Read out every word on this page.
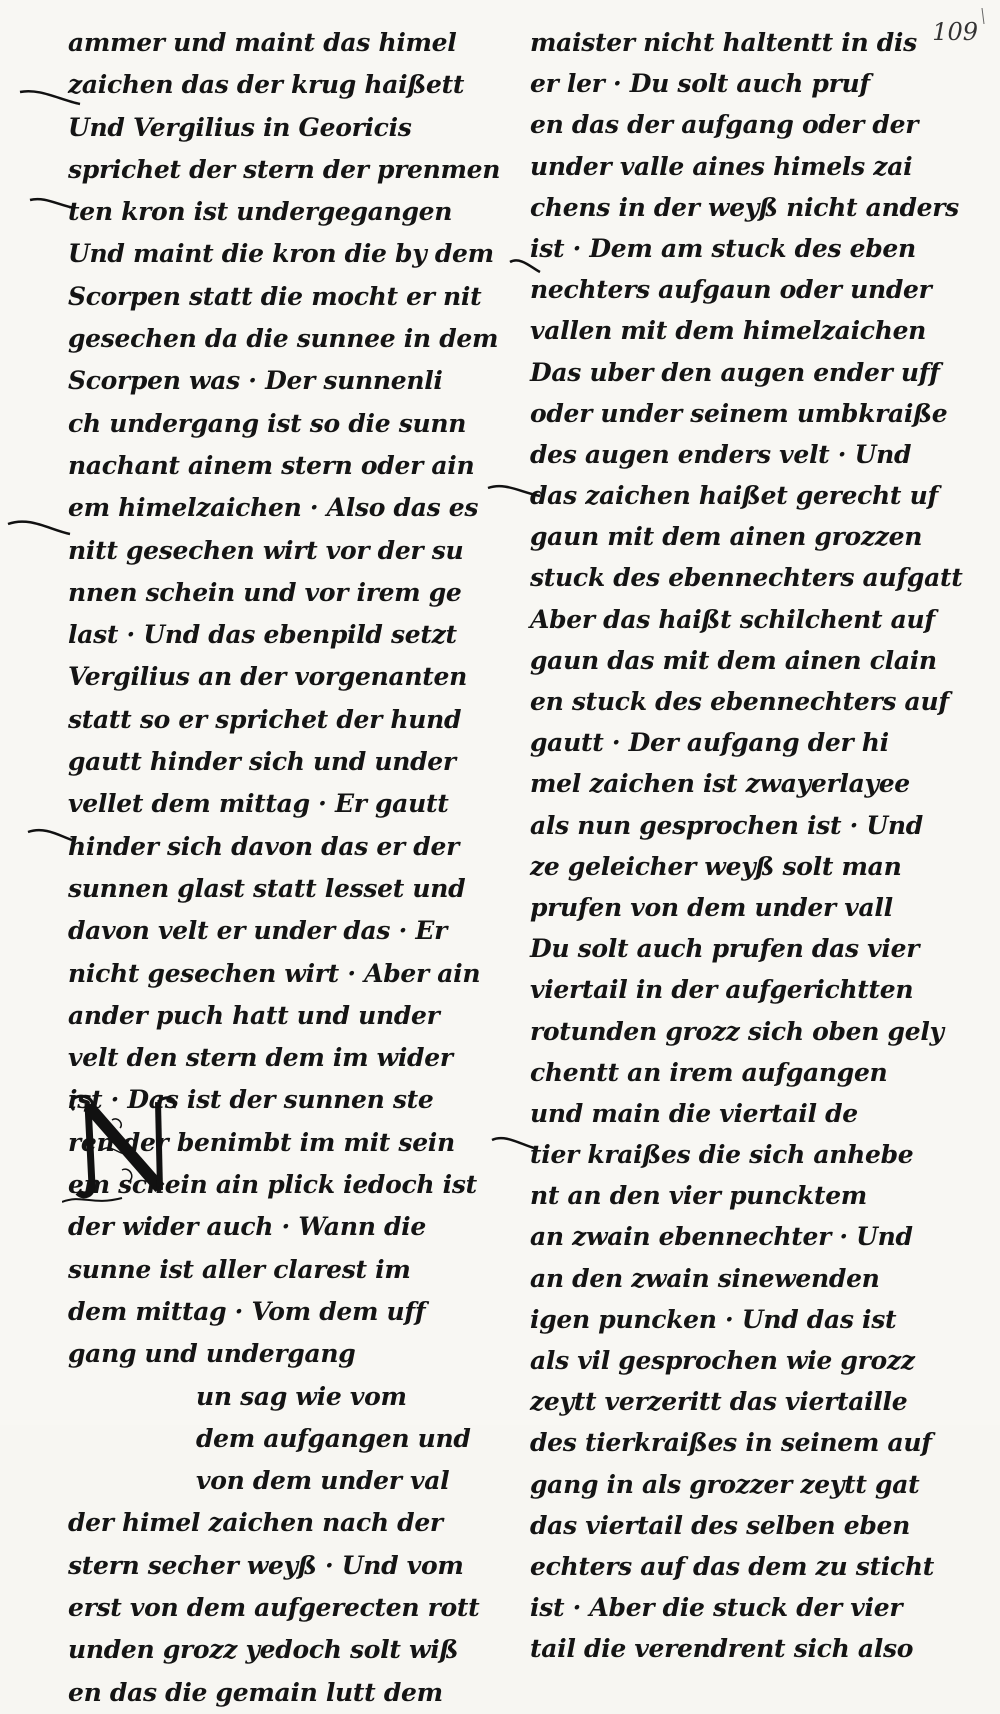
109
ammer und maint das himel
zaichen das der krug haißett
Und Vergilius in Georicis
sprichet der stern der prenmen
ten kron ist undergegangen
Und maint die kron die by dem
Scorpen statt die mocht er nit
gesechen da die sunnee in dem
Scorpen was · Der sunnenli
ch undergang ist so die sunn
nachant ainem stern oder ain
em himelzaichen · Also das es
nitt gesechen wirt vor der su
nnen schein und vor irem ge
last · Und das ebenpild setzt
Vergilius an der vorgenanten
statt so er sprichet der hund
gautt hinder sich und under
vellet dem mittag · Er gautt
hinder sich davon das er der
sunnen glast statt lesset und
davon velt er under das · Er
nicht gesechen wirt · Aber ain
ander puch hatt und under
velt den stern dem im wider
ist · Das ist der sunnen ste
ren der benimbt im mit sein
em schein ain plick iedoch ist
der wider auch · Wann die
sunne ist aller clarest im
dem mittag · Vom dem uff
gang und undergang
un sag wie vom
dem aufgangen und
von dem under val
der himel zaichen nach der
stern secher weyß · Und vom
erst von dem aufgerecten rott
unden grozz yedoch solt wiß
en das die gemain lutt dem
N
maister nicht haltentt in dis
er ler · Du solt auch pruf
en das der aufgang oder der
under valle aines himels zai
chens in der weyß nicht anders
ist · Dem am stuck des eben
nechters aufgaun oder under
vallen mit dem himelzaichen
Das uber den augen ender uff
oder under seinem umbkraiße
des augen enders velt · Und
das zaichen haißet gerecht uf
gaun mit dem ainen grozzen
stuck des ebennechters aufgatt
Aber das haißt schilchent auf
gaun das mit dem ainen clain
en stuck des ebennechters auf
gautt · Der aufgang der hi
mel zaichen ist zwayerlayee
als nun gesprochen ist · Und
ze geleicher weyß solt man
prufen von dem under vall
Du solt auch prufen das vier
viertail in der aufgerichtten
rotunden grozz sich oben gely
chentt an irem aufgangen
und main die viertail de
tier kraißes die sich anhebe
nt an den vier puncktem
an zwain ebennechter · Und
an den zwain sinewenden
igen puncken · Und das ist
als vil gesprochen wie grozz
zeytt verzeritt das viertaille
des tierkraißes in seinem auf
gang in als grozzer zeytt gat
das viertail des selben eben
echters auf das dem zu sticht
ist · Aber die stuck der vier
tail die verendrent sich also
